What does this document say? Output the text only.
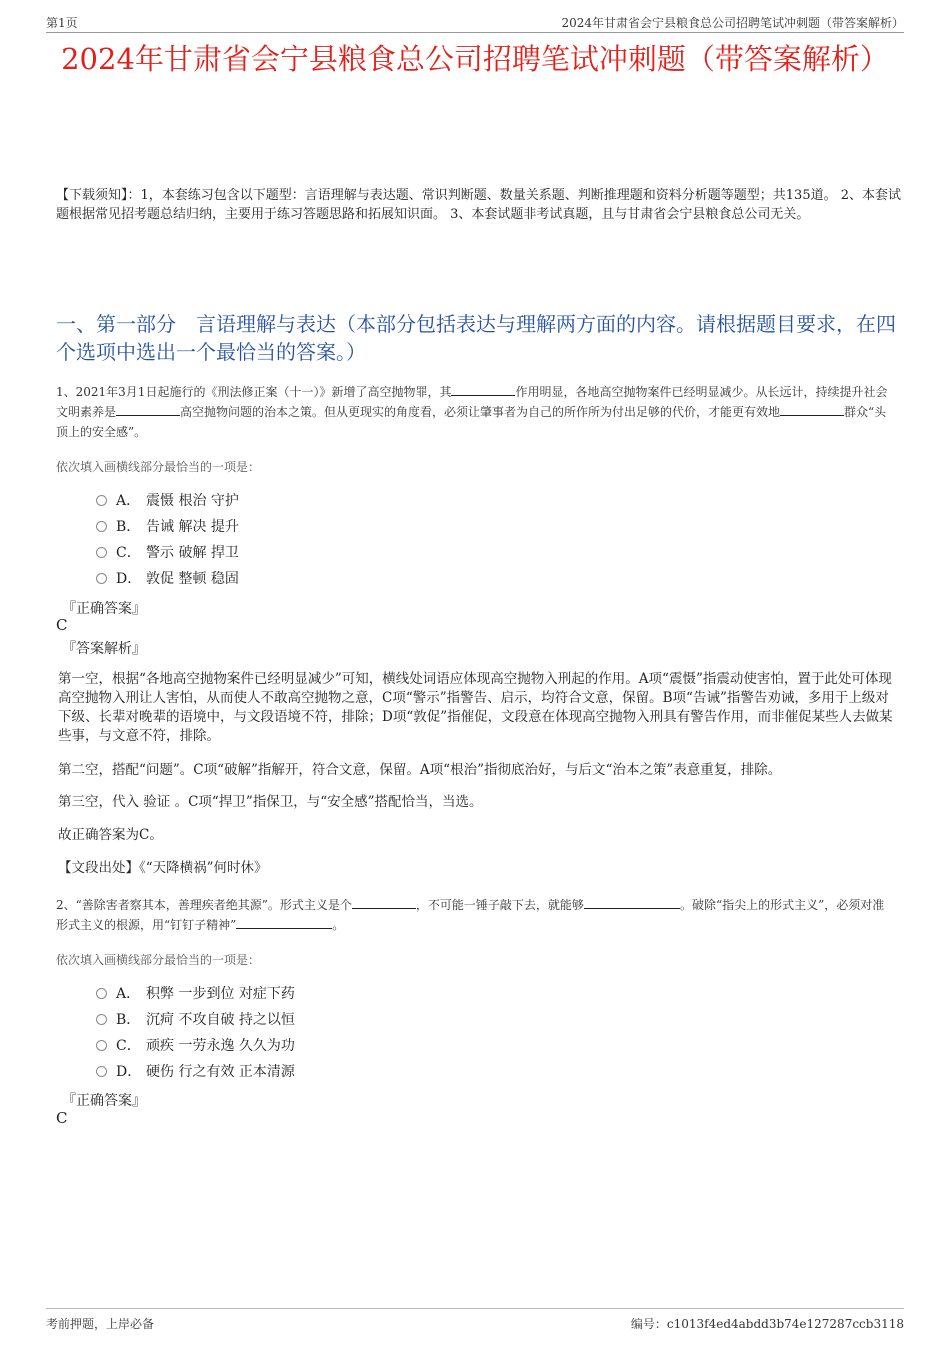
第1页	2024年甘肃省会宁县粮食总公司招聘笔试冲刺题（带答案解析）
2024年甘肃省会宁县粮食总公司招聘笔试冲刺题（带答案解析）
【下载须知】：1，本套练习包含以下题型：言语理解与表达题、常识判断题、数量关系题、判断推理题和资料分析题等题型；共135道。 2、本套试题根据常见招考题总结归纳，主要用于练习答题思路和拓展知识面。 3、本套试题非考试真题，且与甘肃省会宁县粮食总公司无关。
一、第一部分　言语理解与表达（本部分包括表达与理解两方面的内容。请根据题目要求，在四个选项中选出一个最恰当的答案。）
1、2021年3月1日起施行的《刑法修正案（十一）》新增了高空抛物罪，其	作用明显，各地高空抛物案件已经明显减少。从长远计，持续提升社会文明素养是	高空抛物问题的治本之策。但从更现实的角度看，必须让肇事者为自己的所作所为付出足够的代价，才能更有效地	群众“头顶上的安全感”。
依次填入画横线部分最恰当的一项是：
A． 震慑 根治 守护
B． 告诫 解决 提升
C． 警示 破解 捍卫
D． 敦促 整顿 稳固
『正确答案』
C
『答案解析』
第一空，根据“各地高空抛物案件已经明显减少”可知，横线处词语应体现高空抛物入刑起的作用。A项“震慑”指震动使害怕，置于此处可体现高空抛物入刑让人害怕，从而使人不敢高空抛物之意，C项“警示”指警告、启示，均符合文意，保留。B项“告诫”指警告劝诫，多用于上级对下级、长辈对晚辈的语境中，与文段语境不符，排除；D项“敦促”指催促，文段意在体现高空抛物入刑具有警告作用，而非催促某些人去做某些事，与文意不符，排除。
第二空，搭配“问题”。C项“破解”指解开，符合文意，保留。A项“根治”指彻底治好，与后文“治本之策”表意重复，排除。
第三空，代入 验证 。C项“捍卫”指保卫，与“安全感”搭配恰当，当选。
故正确答案为C。
【文段出处】《“天降横祸”何时休》
2、“善除害者察其本，善理疾者绝其源”。形式主义是个	，不可能一锤子敲下去，就能够	。破除“指尖上的形式主义”，必须对准形式主义的根源，用“钉钉子精神”	。
依次填入画横线部分最恰当的一项是：
A． 积弊 一步到位 对症下药
B． 沉疴 不攻自破 持之以恒
C． 顽疾 一劳永逸 久久为功
D． 硬伤 行之有效 正本清源
『正确答案』
C
考前押题，上岸必备	编号：c1013f4ed4abdd3b74e127287ccb3118
